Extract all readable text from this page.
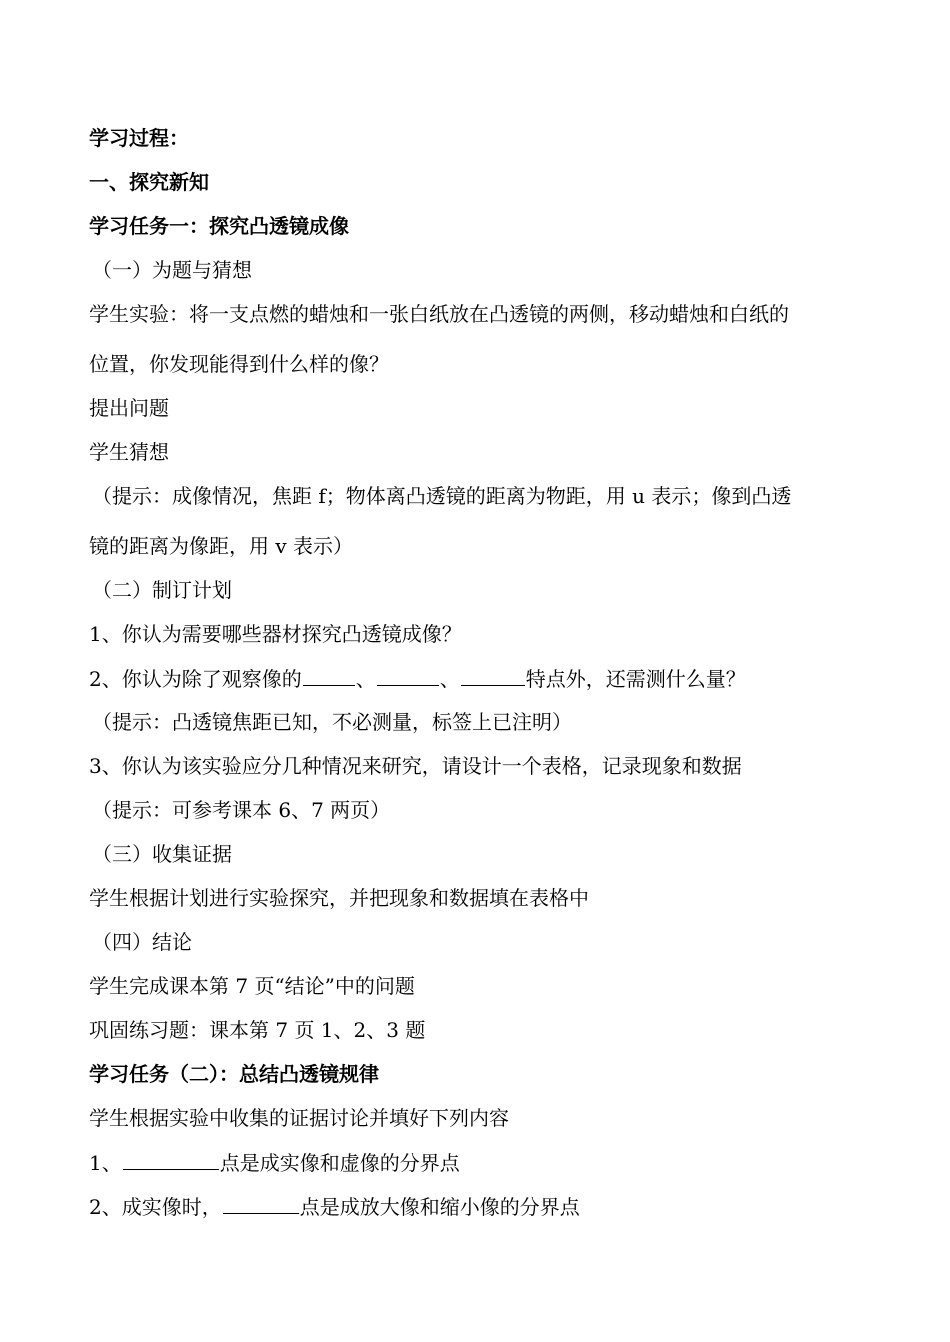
学习过程：

一、探究新知

学习任务一：探究凸透镜成像

（一）为题与猜想

学生实验：将一支点燃的蜡烛和一张白纸放在凸透镜的两侧，移动蜡烛和白纸的

位置，你发现能得到什么样的像？

提出问题

学生猜想

（提示：成像情况，焦距 f；物体离凸透镜的距离为物距，用 u 表示；像到凸透

镜的距离为像距，用 v 表示）

（二）制订计划

1、你认为需要哪些器材探究凸透镜成像？

2、你认为除了观察像的	、	、	特点外，还需测什么量？

（提示：凸透镜焦距已知，不必测量，标签上已注明）

3、你认为该实验应分几种情况来研究，请设计一个表格，记录现象和数据

（提示：可参考课本 6、7 两页）

（三）收集证据

学生根据计划进行实验探究，并把现象和数据填在表格中

（四）结论

学生完成课本第 7 页“结论”中的问题

巩固练习题：课本第 7 页 1、2、3 题

学习任务（二）：总结凸透镜规律

学生根据实验中收集的证据讨论并填好下列内容

1、	点是成实像和虚像的分界点

2、成实像时，	点是成放大像和缩小像的分界点
